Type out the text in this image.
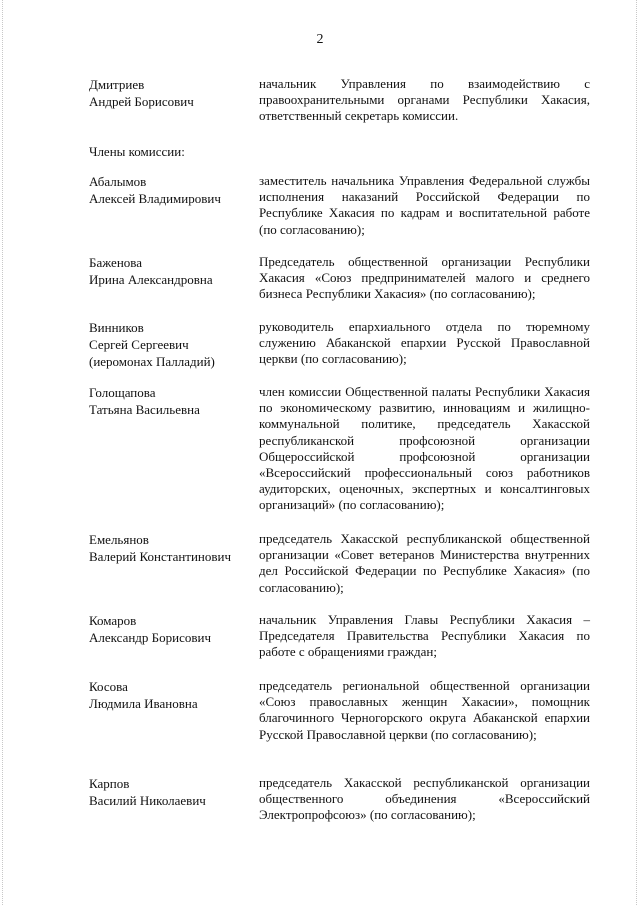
2
Дмитриев
Андрей Борисович
начальник Управления по взаимодействию с правоохранительными органами Республики Хакасия, ответственный секретарь комиссии.
Члены комиссии:
Абалымов
Алексей Владимирович
заместитель начальника Управления Федеральной службы исполнения наказаний Российской Федерации по Республике Хакасия по кадрам и воспитательной работе (по согласованию);
Баженова
Ирина Александровна
Председатель общественной организации Республики Хакасия «Союз предпринимателей малого и среднего бизнеса Республики Хакасия» (по согласованию);
Винников
Сергей Сергеевич
(иеромонах Палладий)
руководитель епархиального отдела по тюремному служению Абаканской епархии Русской Православной церкви (по согласованию);
Голощапова
Татьяна Васильевна
член комиссии Общественной палаты Республики Хакасия по экономическому развитию, инновациям и жилищно-коммунальной политике, председатель Хакасской республиканской профсоюзной организации Общероссийской профсоюзной организации «Всероссийский профессиональный союз работников аудиторских, оценочных, экспертных и консалтинговых организаций» (по согласованию);
Емельянов
Валерий Константинович
председатель Хакасской республиканской общественной организации «Совет ветеранов Министерства внутренних дел Российской Федерации по Республике Хакасия» (по согласованию);
Комаров
Александр Борисович
начальник Управления Главы Республики Хакасия – Председателя Правительства Республики Хакасия по работе с обращениями граждан;
Косова
Людмила Ивановна
председатель региональной общественной организации «Союз православных женщин Хакасии», помощник благочинного Черногорского округа Абаканской епархии Русской Православной церкви (по согласованию);
Карпов
Василий Николаевич
председатель Хакасской республиканской организации общественного объединения «Всероссийский Электропрофсоюз» (по согласованию);
